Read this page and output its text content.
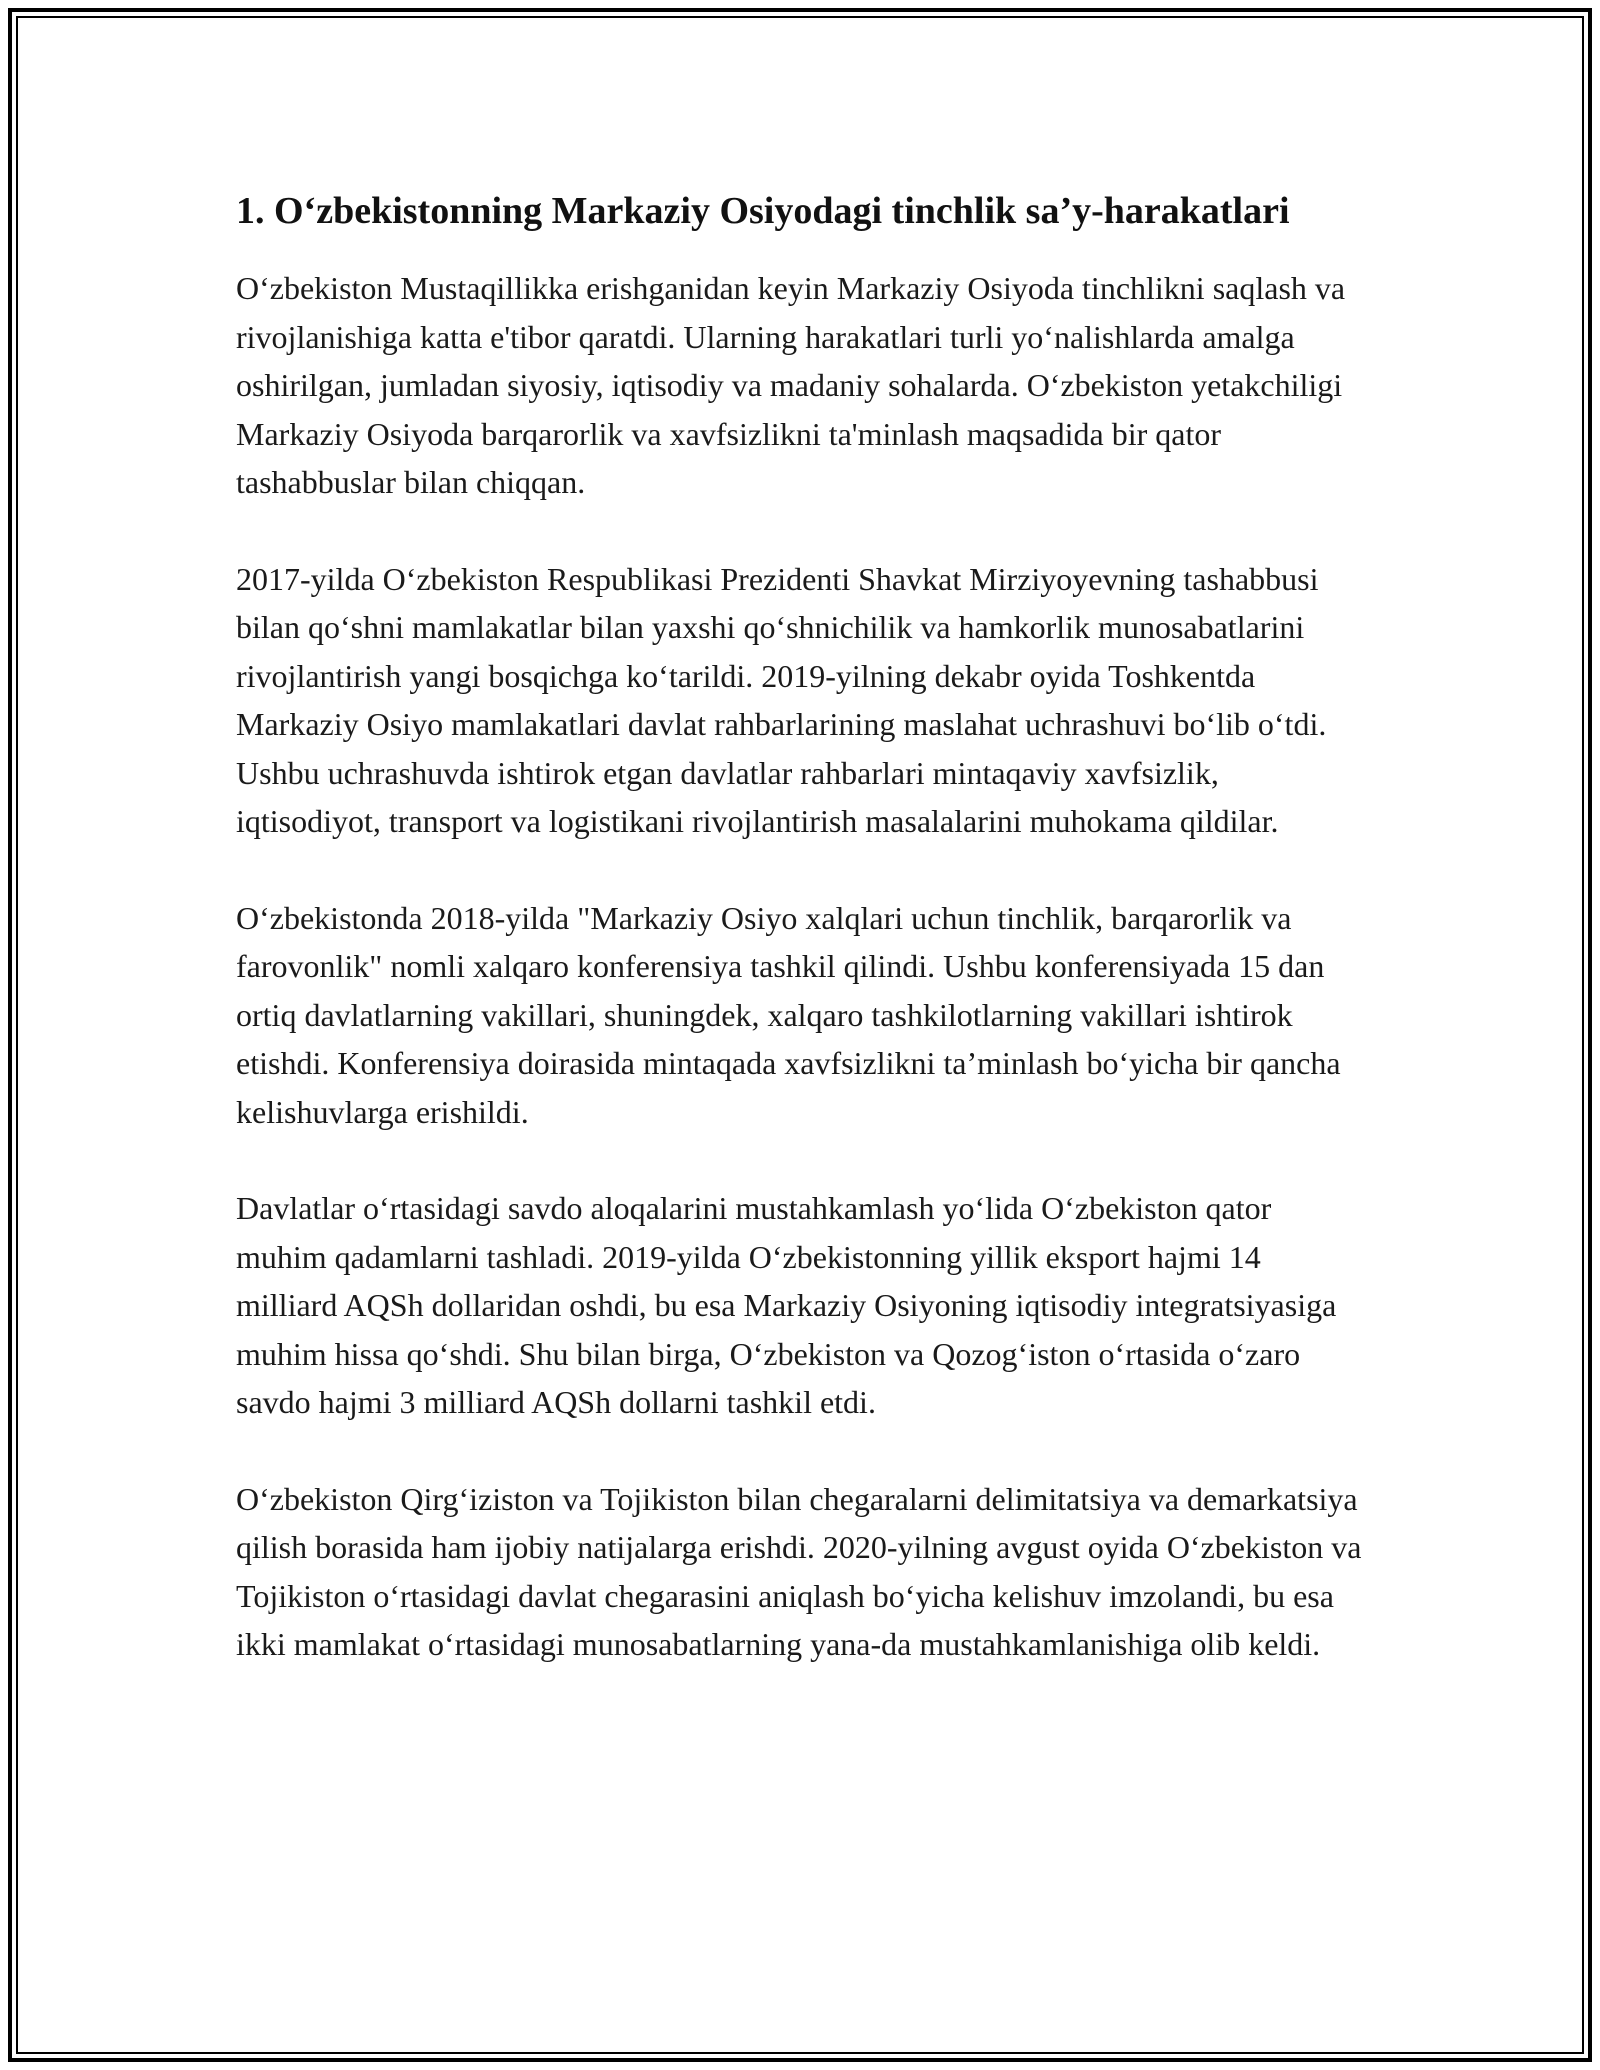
1. O‘zbekistonning Markaziy Osiyodagi tinchlik sa’y-harakatlari

O‘zbekiston Mustaqillikka erishganidan keyin Markaziy Osiyoda tinchlikni saqlash va rivojlanishiga katta e'tibor qaratdi. Ularning harakatlari turli yo‘nalishlarda amalga oshirilgan, jumladan siyosiy, iqtisodiy va madaniy sohalarda. O‘zbekiston yetakchiligi Markaziy Osiyoda barqarorlik va xavfsizlikni ta'minlash maqsadida bir qator tashabbuslar bilan chiqqan.

2017-yilda O‘zbekiston Respublikasi Prezidenti Shavkat Mirziyoyevning tashabbusi bilan qo‘shni mamlakatlar bilan yaxshi qo‘shnichilik va hamkorlik munosabatlarini rivojlantirish yangi bosqichga ko‘tarildi. 2019-yilning dekabr oyida Toshkentda Markaziy Osiyo mamlakatlari davlat rahbarlarining maslahat uchrashuvi bo‘lib o‘tdi. Ushbu uchrashuvda ishtirok etgan davlatlar rahbarlari mintaqaviy xavfsizlik, iqtisodiyot, transport va logistikani rivojlantirish masalalarini muhokama qildilar.

O‘zbekistonda 2018-yilda "Markaziy Osiyo xalqlari uchun tinchlik, barqarorlik va farovonlik" nomli xalqaro konferensiya tashkil qilindi. Ushbu konferensiyada 15 dan ortiq davlatlarning vakillari, shuningdek, xalqaro tashkilotlarning vakillari ishtirok etishdi. Konferensiya doirasida mintaqada xavfsizlikni ta’minlash bo‘yicha bir qancha kelishuvlarga erishildi.

Davlatlar o‘rtasidagi savdo aloqalarini mustahkamlash yo‘lida O‘zbekiston qator muhim qadamlarni tashladi. 2019-yilda O‘zbekistonning yillik eksport hajmi 14 milliard AQSh dollaridan oshdi, bu esa Markaziy Osiyoning iqtisodiy integratsiyasiga muhim hissa qo‘shdi. Shu bilan birga, O‘zbekiston va Qozog‘iston o‘rtasida o‘zaro savdo hajmi 3 milliard AQSh dollarni tashkil etdi.

O‘zbekiston Qirg‘iziston va Tojikiston bilan chegaralarni delimitatsiya va demarkatsiya qilish borasida ham ijobiy natijalarga erishdi. 2020-yilning avgust oyida O‘zbekiston va Tojikiston o‘rtasidagi davlat chegarasini aniqlash bo‘yicha kelishuv imzolandi, bu esa ikki mamlakat o‘rtasidagi munosabatlarning yana-da mustahkamlanishiga olib keldi.
